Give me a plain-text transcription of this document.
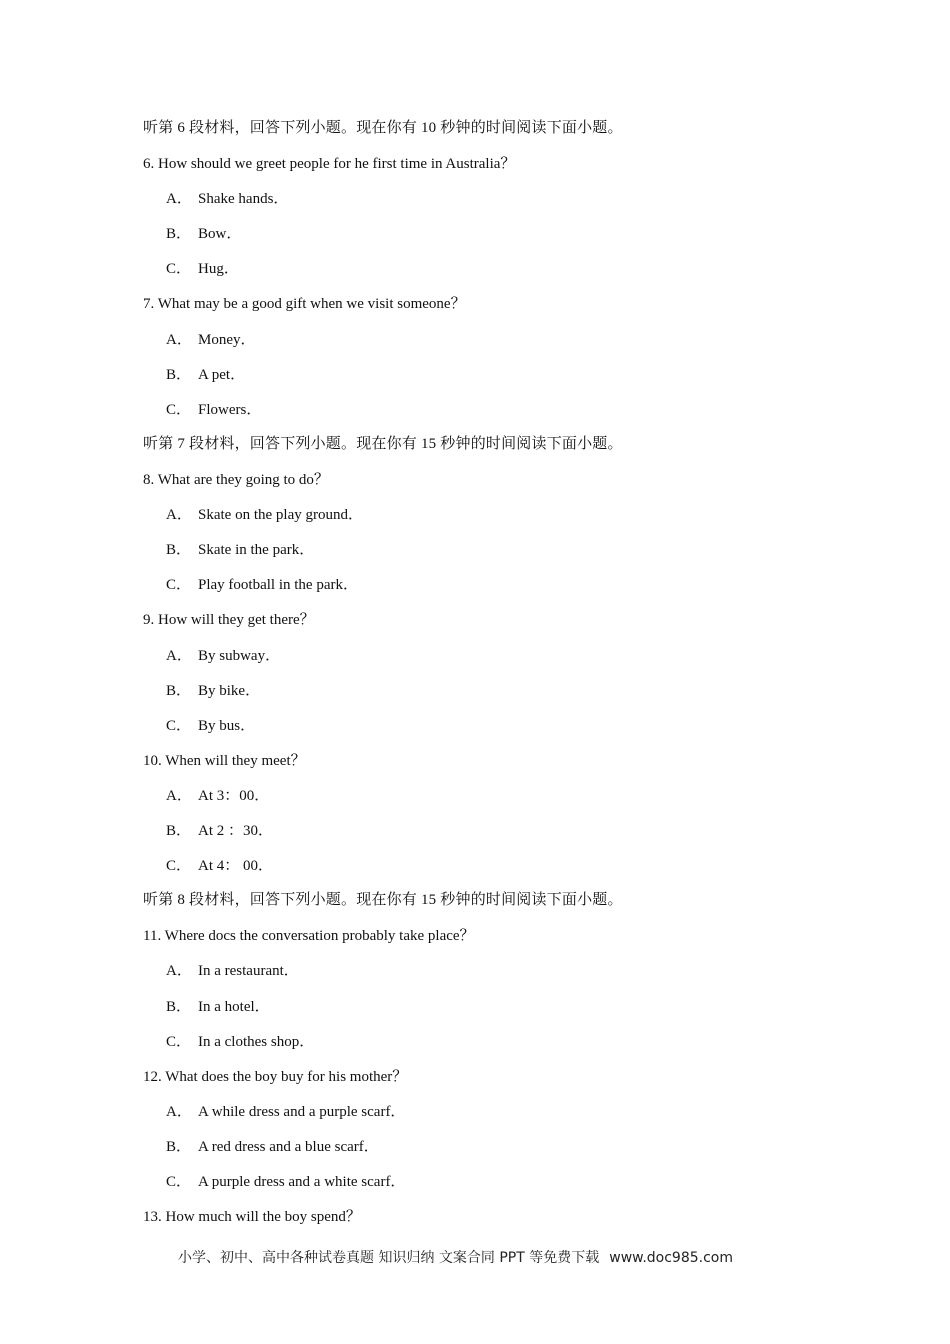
听第 6 段材料，回答下列小题。现在你有 10 秒钟的时间阅读下面小题。
6. How should we greet people for he first time in Australia？
A． Shake hands．
B． Bow．
C． Hug．
7. What may be a good gift when we visit someone？
A． Money．
B． A pet．
C． Flowers．
听第 7 段材料，回答下列小题。现在你有 15 秒钟的时间阅读下面小题。
8. What are they going to do？
A． Skate on the play ground．
B． Skate in the park．
C． Play football in the park．
9. How will they get there？
A． By subway．
B． By bike．
C． By bus．
10. When will they meet？
A． At 3：00．
B． At 2 ：30．
C． At 4： 00．
听第 8 段材料，回答下列小题。现在你有 15 秒钟的时间阅读下面小题。
11. Where docs the conversation probably take place？
A． In a restaurant．
B． In a hotel．
C． In a clothes shop．
12. What does the boy buy for his mother？
A． A while dress and a purple scarf．
B． A red dress and a blue scarf．
C． A purple dress and a white scarf．
13. How much will the boy spend？
小学、初中、高中各种试卷真题 知识归纳 文案合同 PPT 等免费下载 www.doc985.com
